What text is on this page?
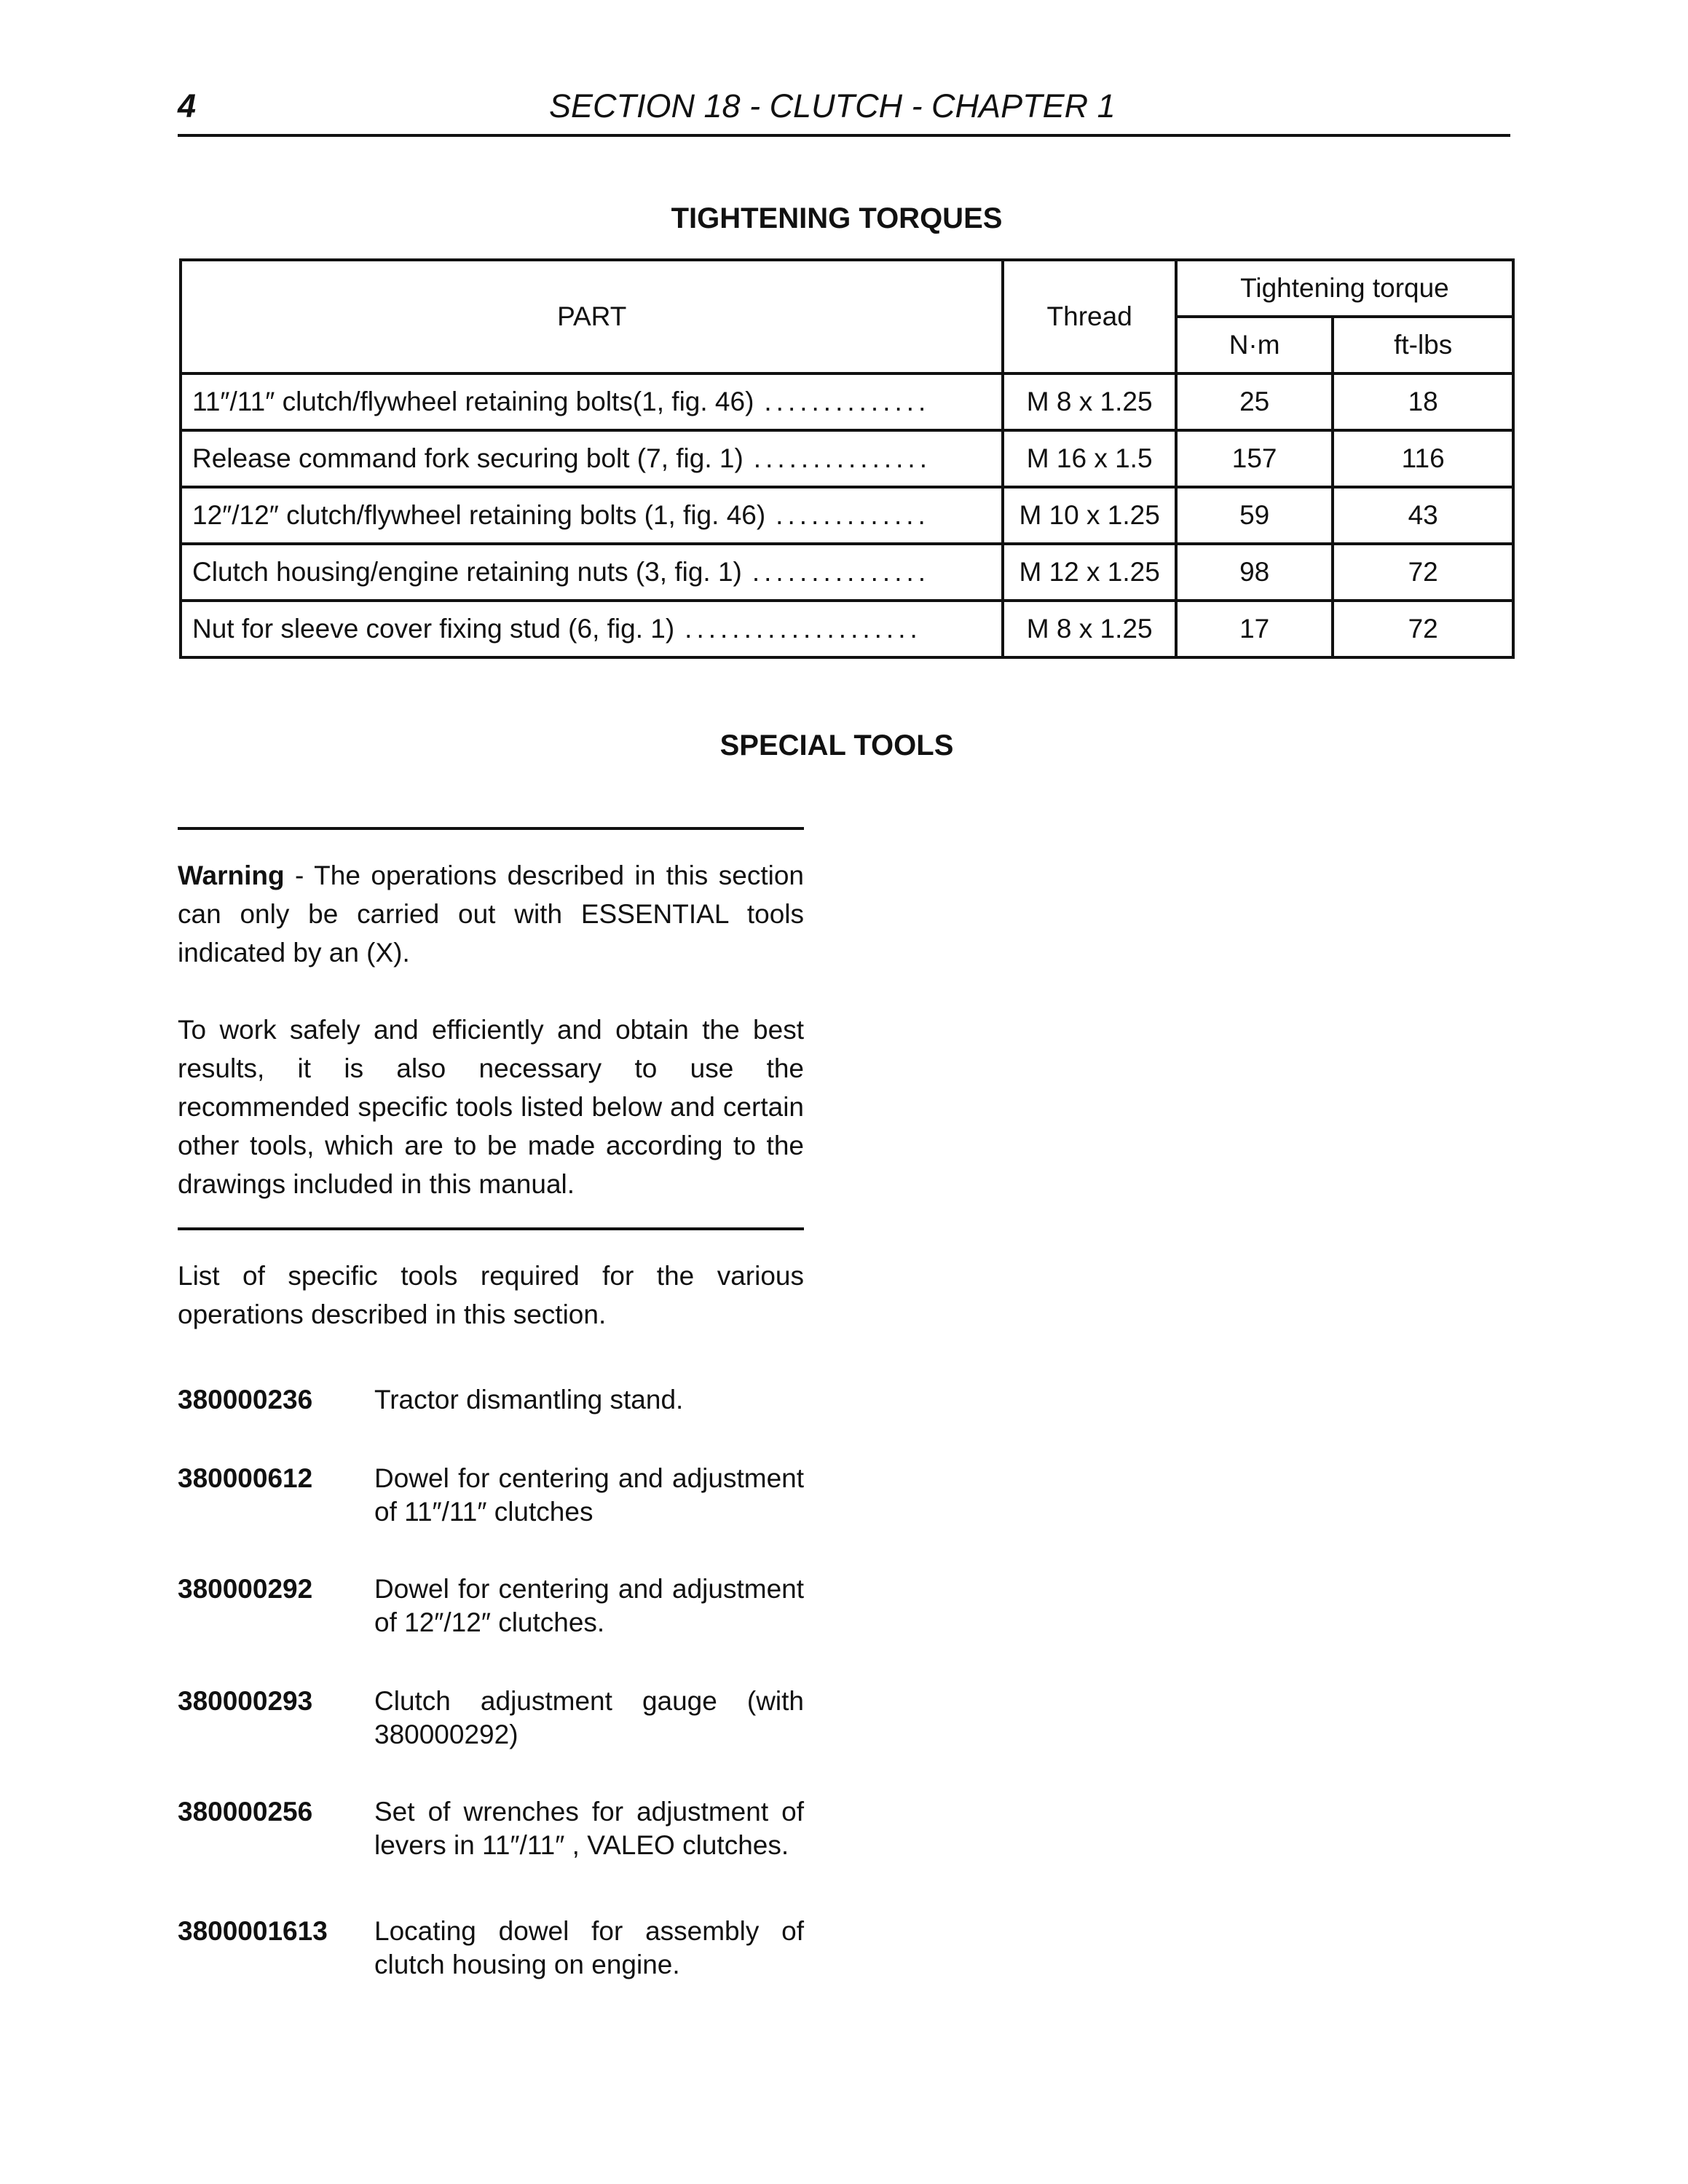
4	SECTION 18 - CLUTCH - CHAPTER 1
TIGHTENING TORQUES
PART	Thread	Tightening torque	
		N·m	ft-lbs
11″/11″ clutch/flywheel retaining bolts(1, fig. 46) ..............	M 8 x 1.25	25	18
Release command fork securing bolt (7, fig. 1) ...............	M 16 x 1.5	157	116
12″/12″ clutch/flywheel retaining bolts (1, fig. 46) .............	M 10 x 1.25	59	43
Clutch housing/engine retaining nuts (3, fig. 1) ...............	M 12 x 1.25	98	72
Nut for sleeve cover fixing stud (6, fig. 1) ....................	M 8 x 1.25	17	72
SPECIAL TOOLS
Warning - The operations described in this section can only be carried out with ESSENTIAL tools indicated by an (X).
To work safely and efficiently and obtain the best results, it is also necessary to use the recommended specific tools listed below and certain other tools, which are to be made according to the drawings included in this manual.
List of specific tools required for the various operations described in this section.
380000236 Tractor dismantling stand.
380000612 Dowel for centering and adjustment of 11″/11″ clutches
380000292 Dowel for centering and adjustment of 12″/12″ clutches.
380000293 Clutch adjustment gauge (with 380000292)
380000256 Set of wrenches for adjustment of levers in 11″/11″ , VALEO clutches.
3800001613 Locating dowel for assembly of clutch housing on engine.
